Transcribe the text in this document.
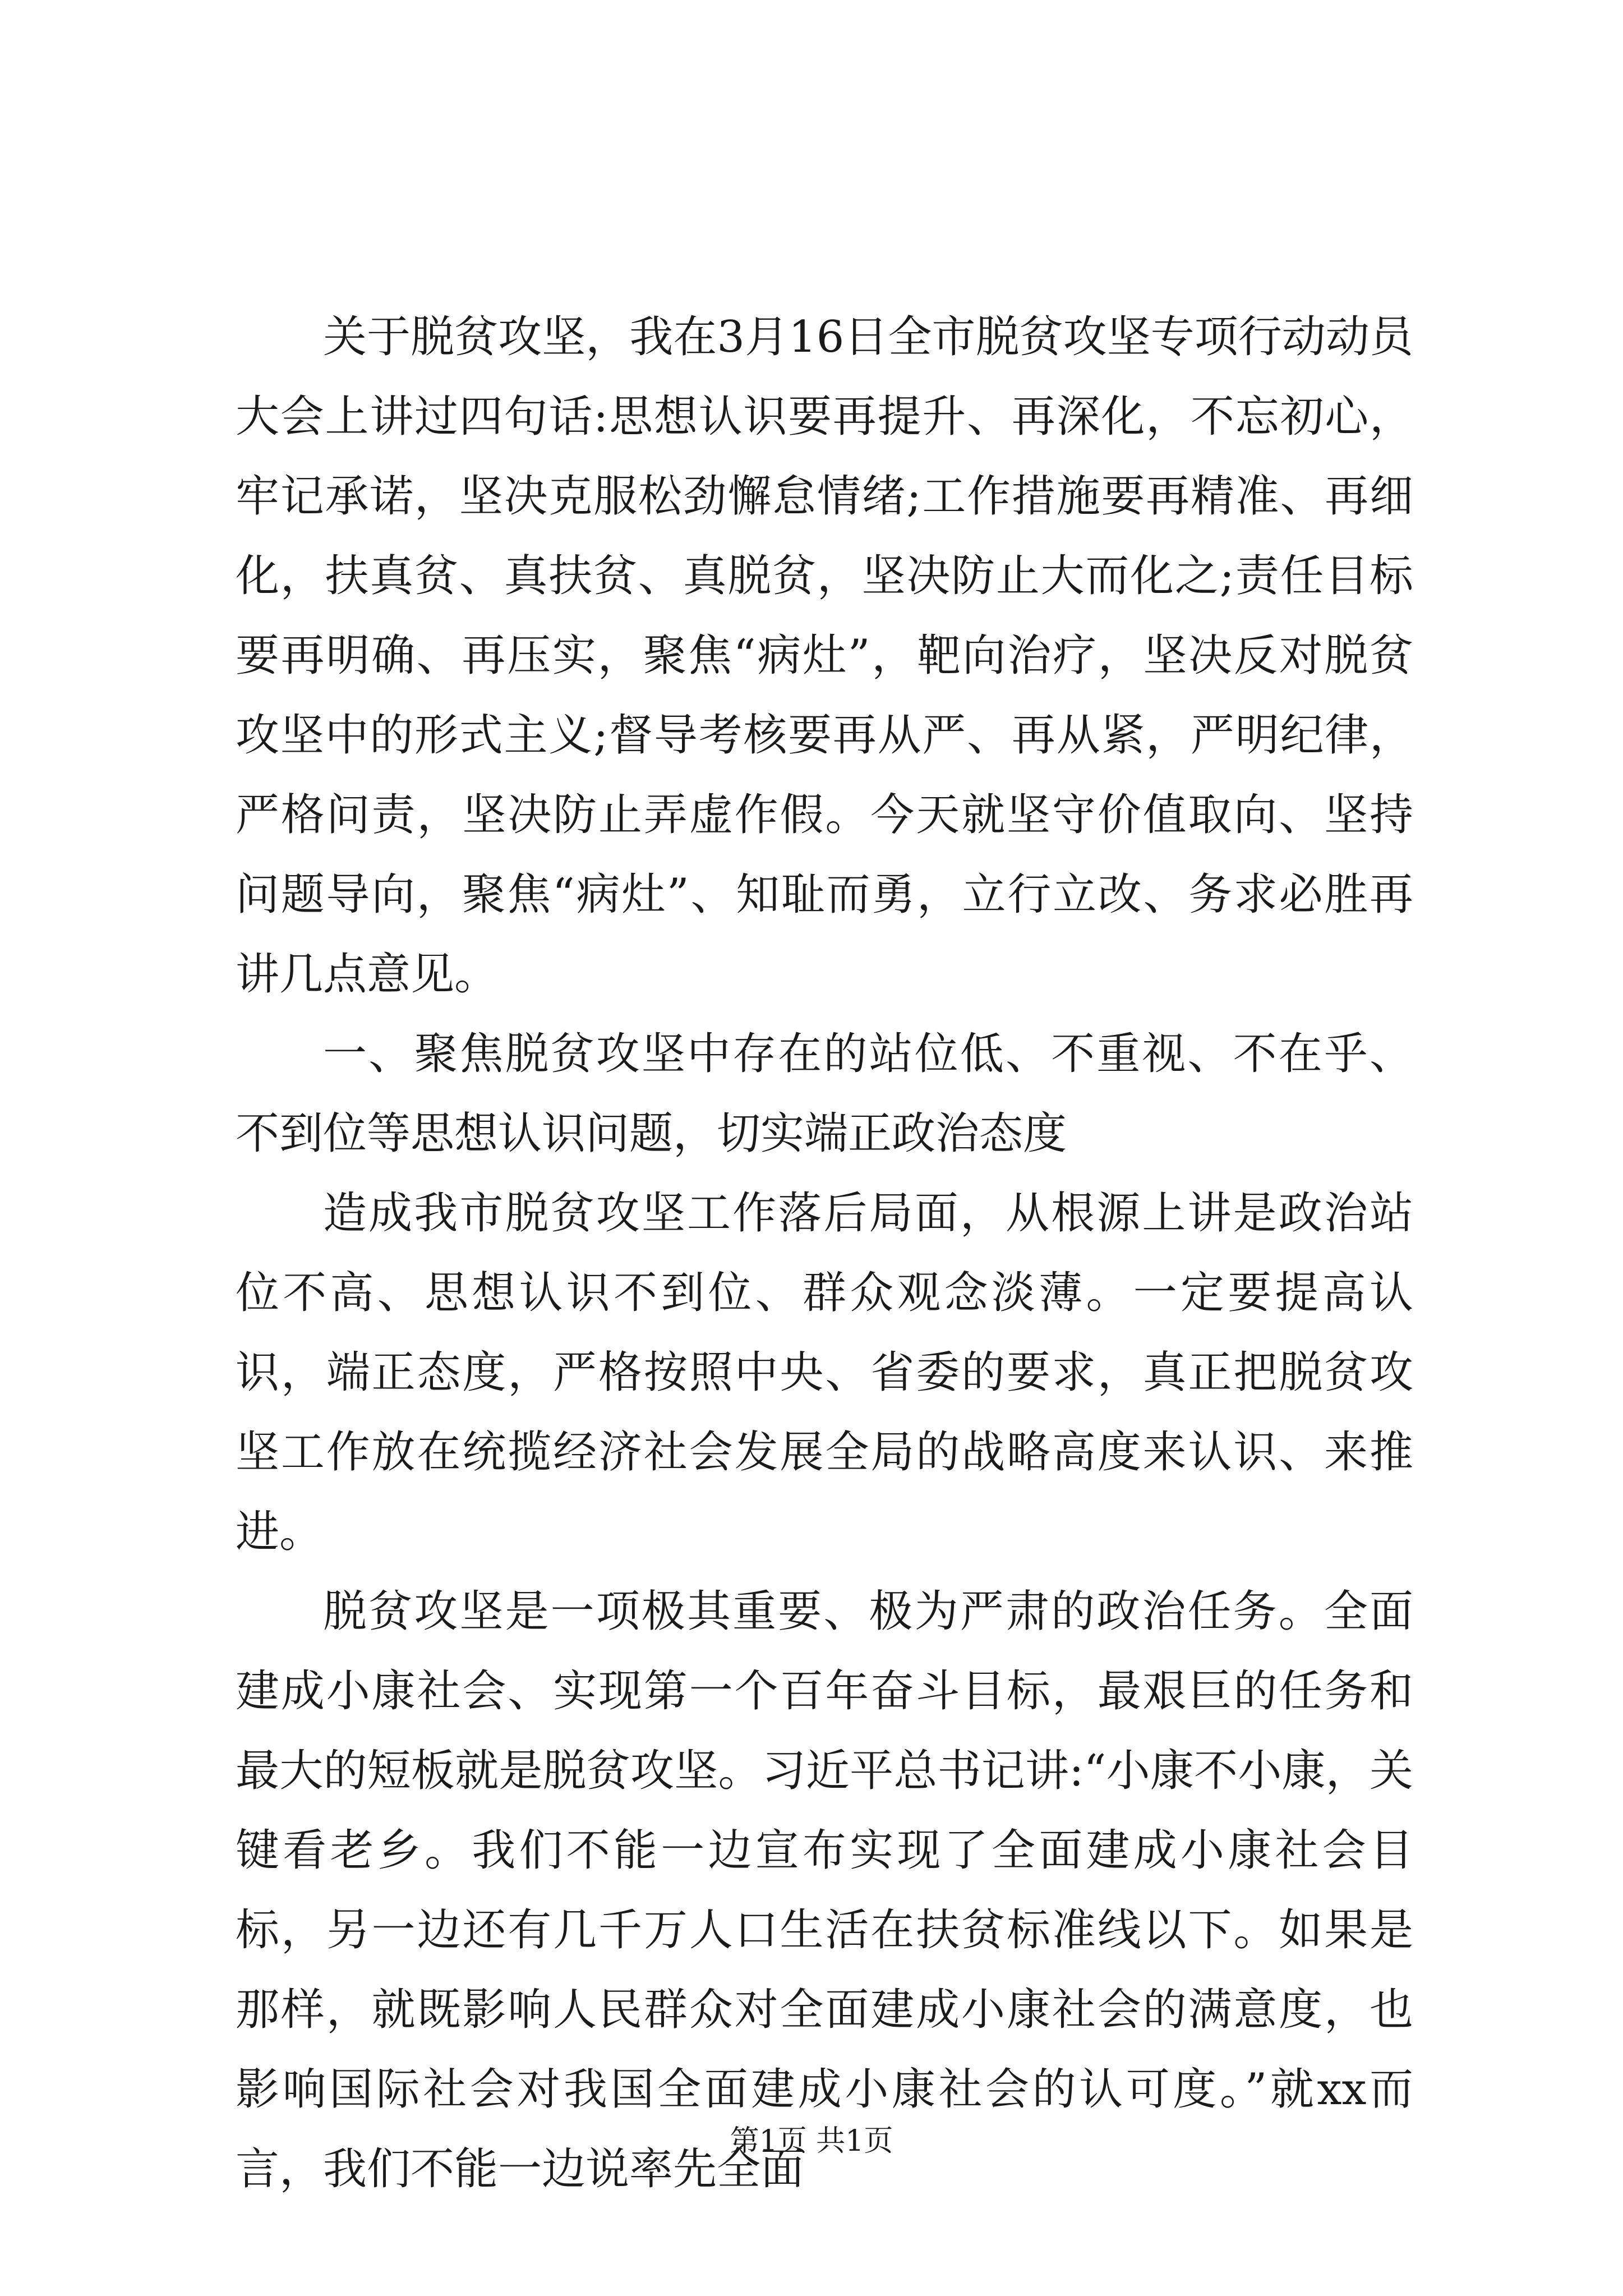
关于脱贫攻坚，我在3月16日全市脱贫攻坚专项行动动员大会上讲过四句话:思想认识要再提升、再深化，不忘初心，牢记承诺，坚决克服松劲懈怠情绪;工作措施要再精准、再细化，扶真贫、真扶贫、真脱贫，坚决防止大而化之;责任目标要再明确、再压实，聚焦“病灶”，靶向治疗，坚决反对脱贫攻坚中的形式主义;督导考核要再从严、再从紧，严明纪律，严格问责，坚决防止弄虚作假。今天就坚守价值取向、坚持问题导向，聚焦“病灶”、知耻而勇，立行立改、务求必胜再讲几点意见。

一、聚焦脱贫攻坚中存在的站位低、不重视、不在乎、不到位等思想认识问题，切实端正政治态度

造成我市脱贫攻坚工作落后局面，从根源上讲是政治站位不高、思想认识不到位、群众观念淡薄。一定要提高认识，端正态度，严格按照中央、省委的要求，真正把脱贫攻坚工作放在统揽经济社会发展全局的战略高度来认识、来推进。

脱贫攻坚是一项极其重要、极为严肃的政治任务。全面建成小康社会、实现第一个百年奋斗目标，最艰巨的任务和最大的短板就是脱贫攻坚。习近平总书记讲:“小康不小康，关键看老乡。我们不能一边宣布实现了全面建成小康社会目标，另一边还有几千万人口生活在扶贫标准线以下。如果是那样，就既影响人民群众对全面建成小康社会的满意度，也影响国际社会对我国全面建成小康社会的认可度。”就xx而言，我们不能一边说率先全面

第1页 共1页
